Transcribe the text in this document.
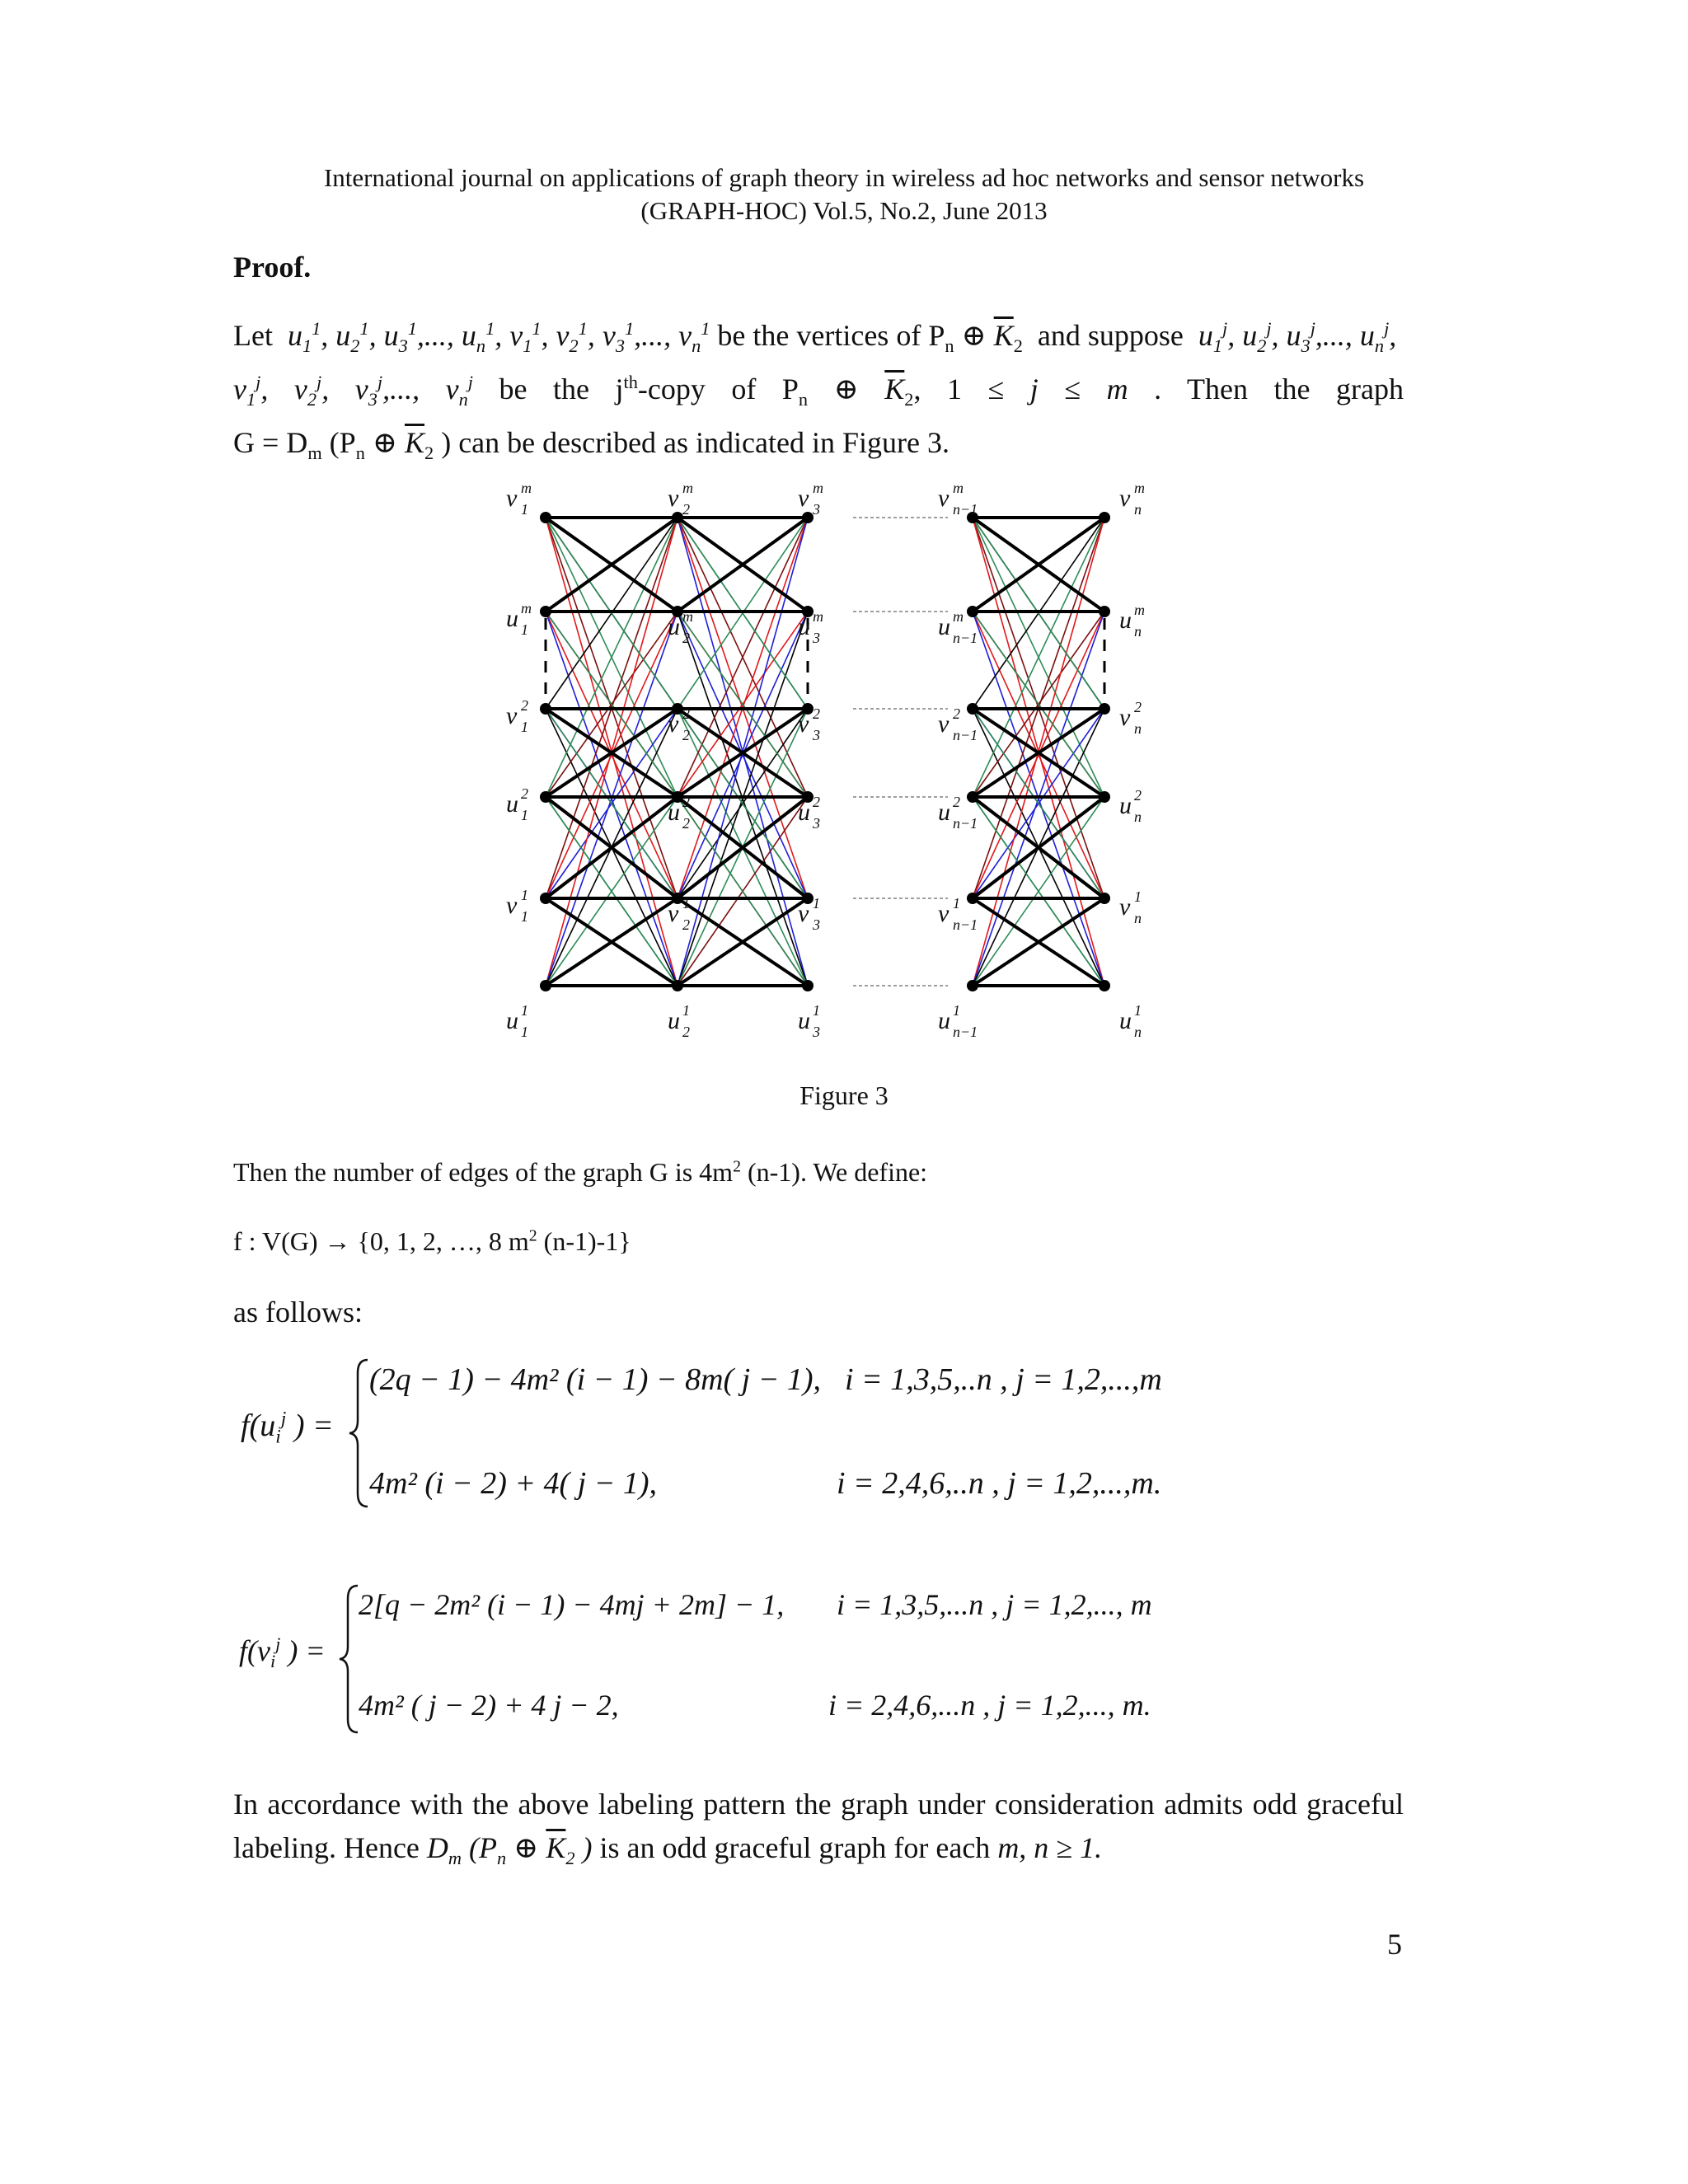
International journal on applications of graph theory in wireless ad hoc networks and sensor networks
(GRAPH-HOC) Vol.5, No.2, June 2013
Proof.
Let $u_1^1$, $u_2^1$, $u_3^1$,..., $u_n^1$, $v_1^1$, $v_2^1$, $v_3^1$,..., $v_n^1$ be the vertices of $P_n$ ⊕ $\overline{K}_2$ and suppose $u_1^j$, $u_2^j$, $u_3^j$,..., $u_n^j$,
$v_1^j$, $v_2^j$, $v_3^j$,..., $v_n^j$ be the $j^{th}$-copy of $P_n$ ⊕ $\overline{K}_2$, 1 ≤ j ≤ m . Then the graph
$G = D_m$ ($P_n$ ⊕ $\overline{K}_2$ ) can be described as indicated in Figure 3.
v m
1
u m
1
v 2
1
u 2
1
v 1
1
u 1
1
v m
2
u m
2
v 2
2
u 2
2
v 1
2
u 1
2
v m
3
u m
3
v 2
3
u 2
3
v 1
3
u 1
3
v m
n−1
u m
n−1
v 2
n−1
u 2
n−1
v 1
n−1
u 1
n−1
v m
n
u m
n
v 2
n
u 2
n
v 1
n
u 1
n
Figure 3
Then the number of edges of the graph G is $4m^2$ (n-1). We define:
f : V(G) → {0, 1, 2, …, 8 $m^2$ (n-1)-1}
as follows:
$f(u_i^j$ ) =
(2q − 1) − 4m² (i − 1) − 8m( j − 1), i = 1,3,5,..n , j = 1,2,...,m
4m² (i − 2) + 4( j − 1),	i = 2,4,6,..n , j = 1,2,...,m.
$f(v_i^j$ ) =
2[q − 2m² (i − 1) − 4mj + 2m] − 1, i = 1,3,5,...n , j = 1,2,..., m
4m² ( j − 2) + 4 j − 2,	i = 2,4,6,...n , j = 1,2,..., m.
In accordance with the above labeling pattern the graph under consideration admits odd graceful
labeling. Hence $D_m$ ($P_n$ ⊕ $\overline{K}_2$ ) is an odd graceful graph for each m, n ≥ 1.
5
